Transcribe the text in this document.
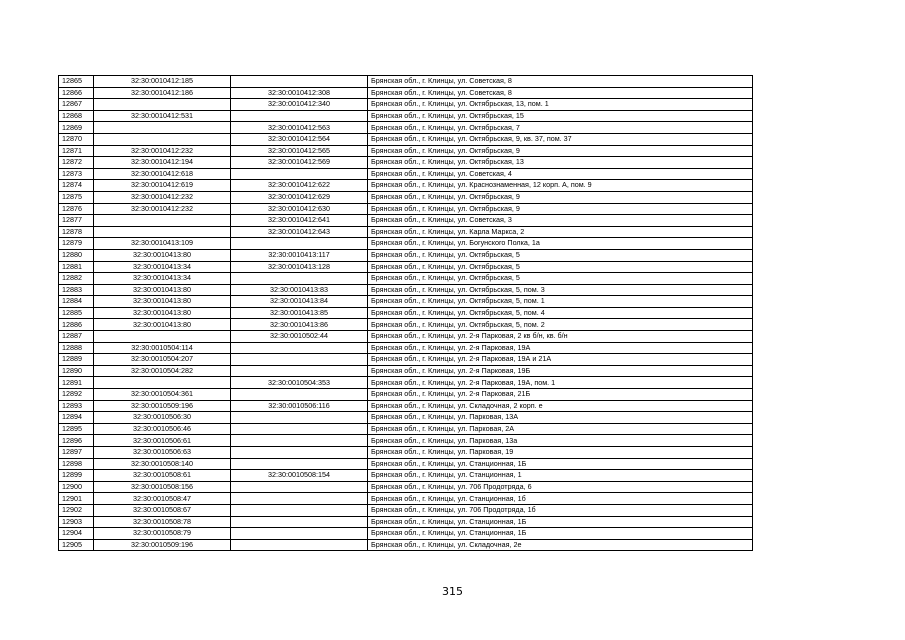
12865	32:30:0010412:185		Брянская обл., г. Клинцы, ул. Советская, 8
12866	32:30:0010412:186	32:30:0010412:308	Брянская обл., г. Клинцы, ул. Советская, 8
12867		32:30:0010412:340	Брянская обл., г. Клинцы, ул. Октябрьская, 13, пом. 1
12868	32:30:0010412:531		Брянская обл., г. Клинцы, ул. Октябрьская, 15
12869		32:30:0010412:563	Брянская обл., г. Клинцы, ул. Октябрьская, 7
12870		32:30:0010412:564	Брянская обл., г. Клинцы, ул. Октябрьская, 9, кв. 37, пом. 37
12871	32:30:0010412:232	32:30:0010412:565	Брянская обл., г. Клинцы, ул. Октябрьская, 9
12872	32:30:0010412:194	32:30:0010412:569	Брянская обл., г. Клинцы, ул. Октябрьская, 13
12873	32:30:0010412:618		Брянская обл., г. Клинцы, ул. Советская, 4
12874	32:30:0010412:619	32:30:0010412:622	Брянская обл., г. Клинцы, ул. Краснознаменная, 12 корп. А, пом. 9
12875	32:30:0010412:232	32:30:0010412:629	Брянская обл., г. Клинцы, ул. Октябрьская, 9
12876	32:30:0010412:232	32:30:0010412:630	Брянская обл., г. Клинцы, ул. Октябрьская, 9
12877		32:30:0010412:641	Брянская обл., г. Клинцы, ул. Советская, 3
12878		32:30:0010412:643	Брянская обл., г. Клинцы, ул. Карла Маркса, 2
12879	32:30:0010413:109		Брянская обл., г. Клинцы, ул. Богунского Полка, 1а
12880	32:30:0010413:80	32:30:0010413:117	Брянская обл., г. Клинцы, ул. Октябрьская, 5
12881	32:30:0010413:34	32:30:0010413:128	Брянская обл., г. Клинцы, ул. Октябрьская, 5
12882	32:30:0010413:34		Брянская обл., г. Клинцы, ул. Октябрьская, 5
12883	32:30:0010413:80	32:30:0010413:83	Брянская обл., г. Клинцы, ул. Октябрьская, 5, пом. 3
12884	32:30:0010413:80	32:30:0010413:84	Брянская обл., г. Клинцы, ул. Октябрьская, 5, пом. 1
12885	32:30:0010413:80	32:30:0010413:85	Брянская обл., г. Клинцы, ул. Октябрьская, 5, пом. 4
12886	32:30:0010413:80	32:30:0010413:86	Брянская обл., г. Клинцы, ул. Октябрьская, 5, пом. 2
12887		32:30:0010502:44	Брянская обл., г. Клинцы, ул. 2-я Парковая, 2 кв б/н, кв. б/н
12888	32:30:0010504:114		Брянская обл., г. Клинцы, ул. 2-я Парковая, 19А
12889	32:30:0010504:207		Брянская обл., г. Клинцы, ул. 2-я Парковая, 19А и 21А
12890	32:30:0010504:282		Брянская обл., г. Клинцы, ул. 2-я Парковая, 19Б
12891		32:30:0010504:353	Брянская обл., г. Клинцы, ул. 2-я Парковая, 19А, пом. 1
12892	32:30:0010504:361		Брянская обл., г. Клинцы, ул. 2-я Парковая, 21Б
12893	32:30:0010509:196	32:30:0010506:116	Брянская обл., г. Клинцы, ул. Складочная, 2 корп. е
12894	32:30:0010506:30		Брянская обл., г. Клинцы, ул. Парковая, 13А
12895	32:30:0010506:46		Брянская обл., г. Клинцы, ул. Парковая, 2А
12896	32:30:0010506:61		Брянская обл., г. Клинцы, ул. Парковая, 13а
12897	32:30:0010506:63		Брянская обл., г. Клинцы, ул. Парковая, 19
12898	32:30:0010508:140		Брянская обл., г. Клинцы, ул. Станционная, 1Б
12899	32:30:0010508:61	32:30:0010508:154	Брянская обл., г. Клинцы, ул. Станционная, 1
12900	32:30:0010508:156		Брянская обл., г. Клинцы, ул. 706 Продотряда, 6
12901	32:30:0010508:47		Брянская обл., г. Клинцы, ул. Станционная, 1б
12902	32:30:0010508:67		Брянская обл., г. Клинцы, ул. 706 Продотряда, 1б
12903	32:30:0010508:78		Брянская обл., г. Клинцы, ул. Станционная, 1Б
12904	32:30:0010508:79		Брянская обл., г. Клинцы, ул. Станционная, 1Б
12905	32:30:0010509:196		Брянская обл., г. Клинцы, ул. Складочная, 2е
315
